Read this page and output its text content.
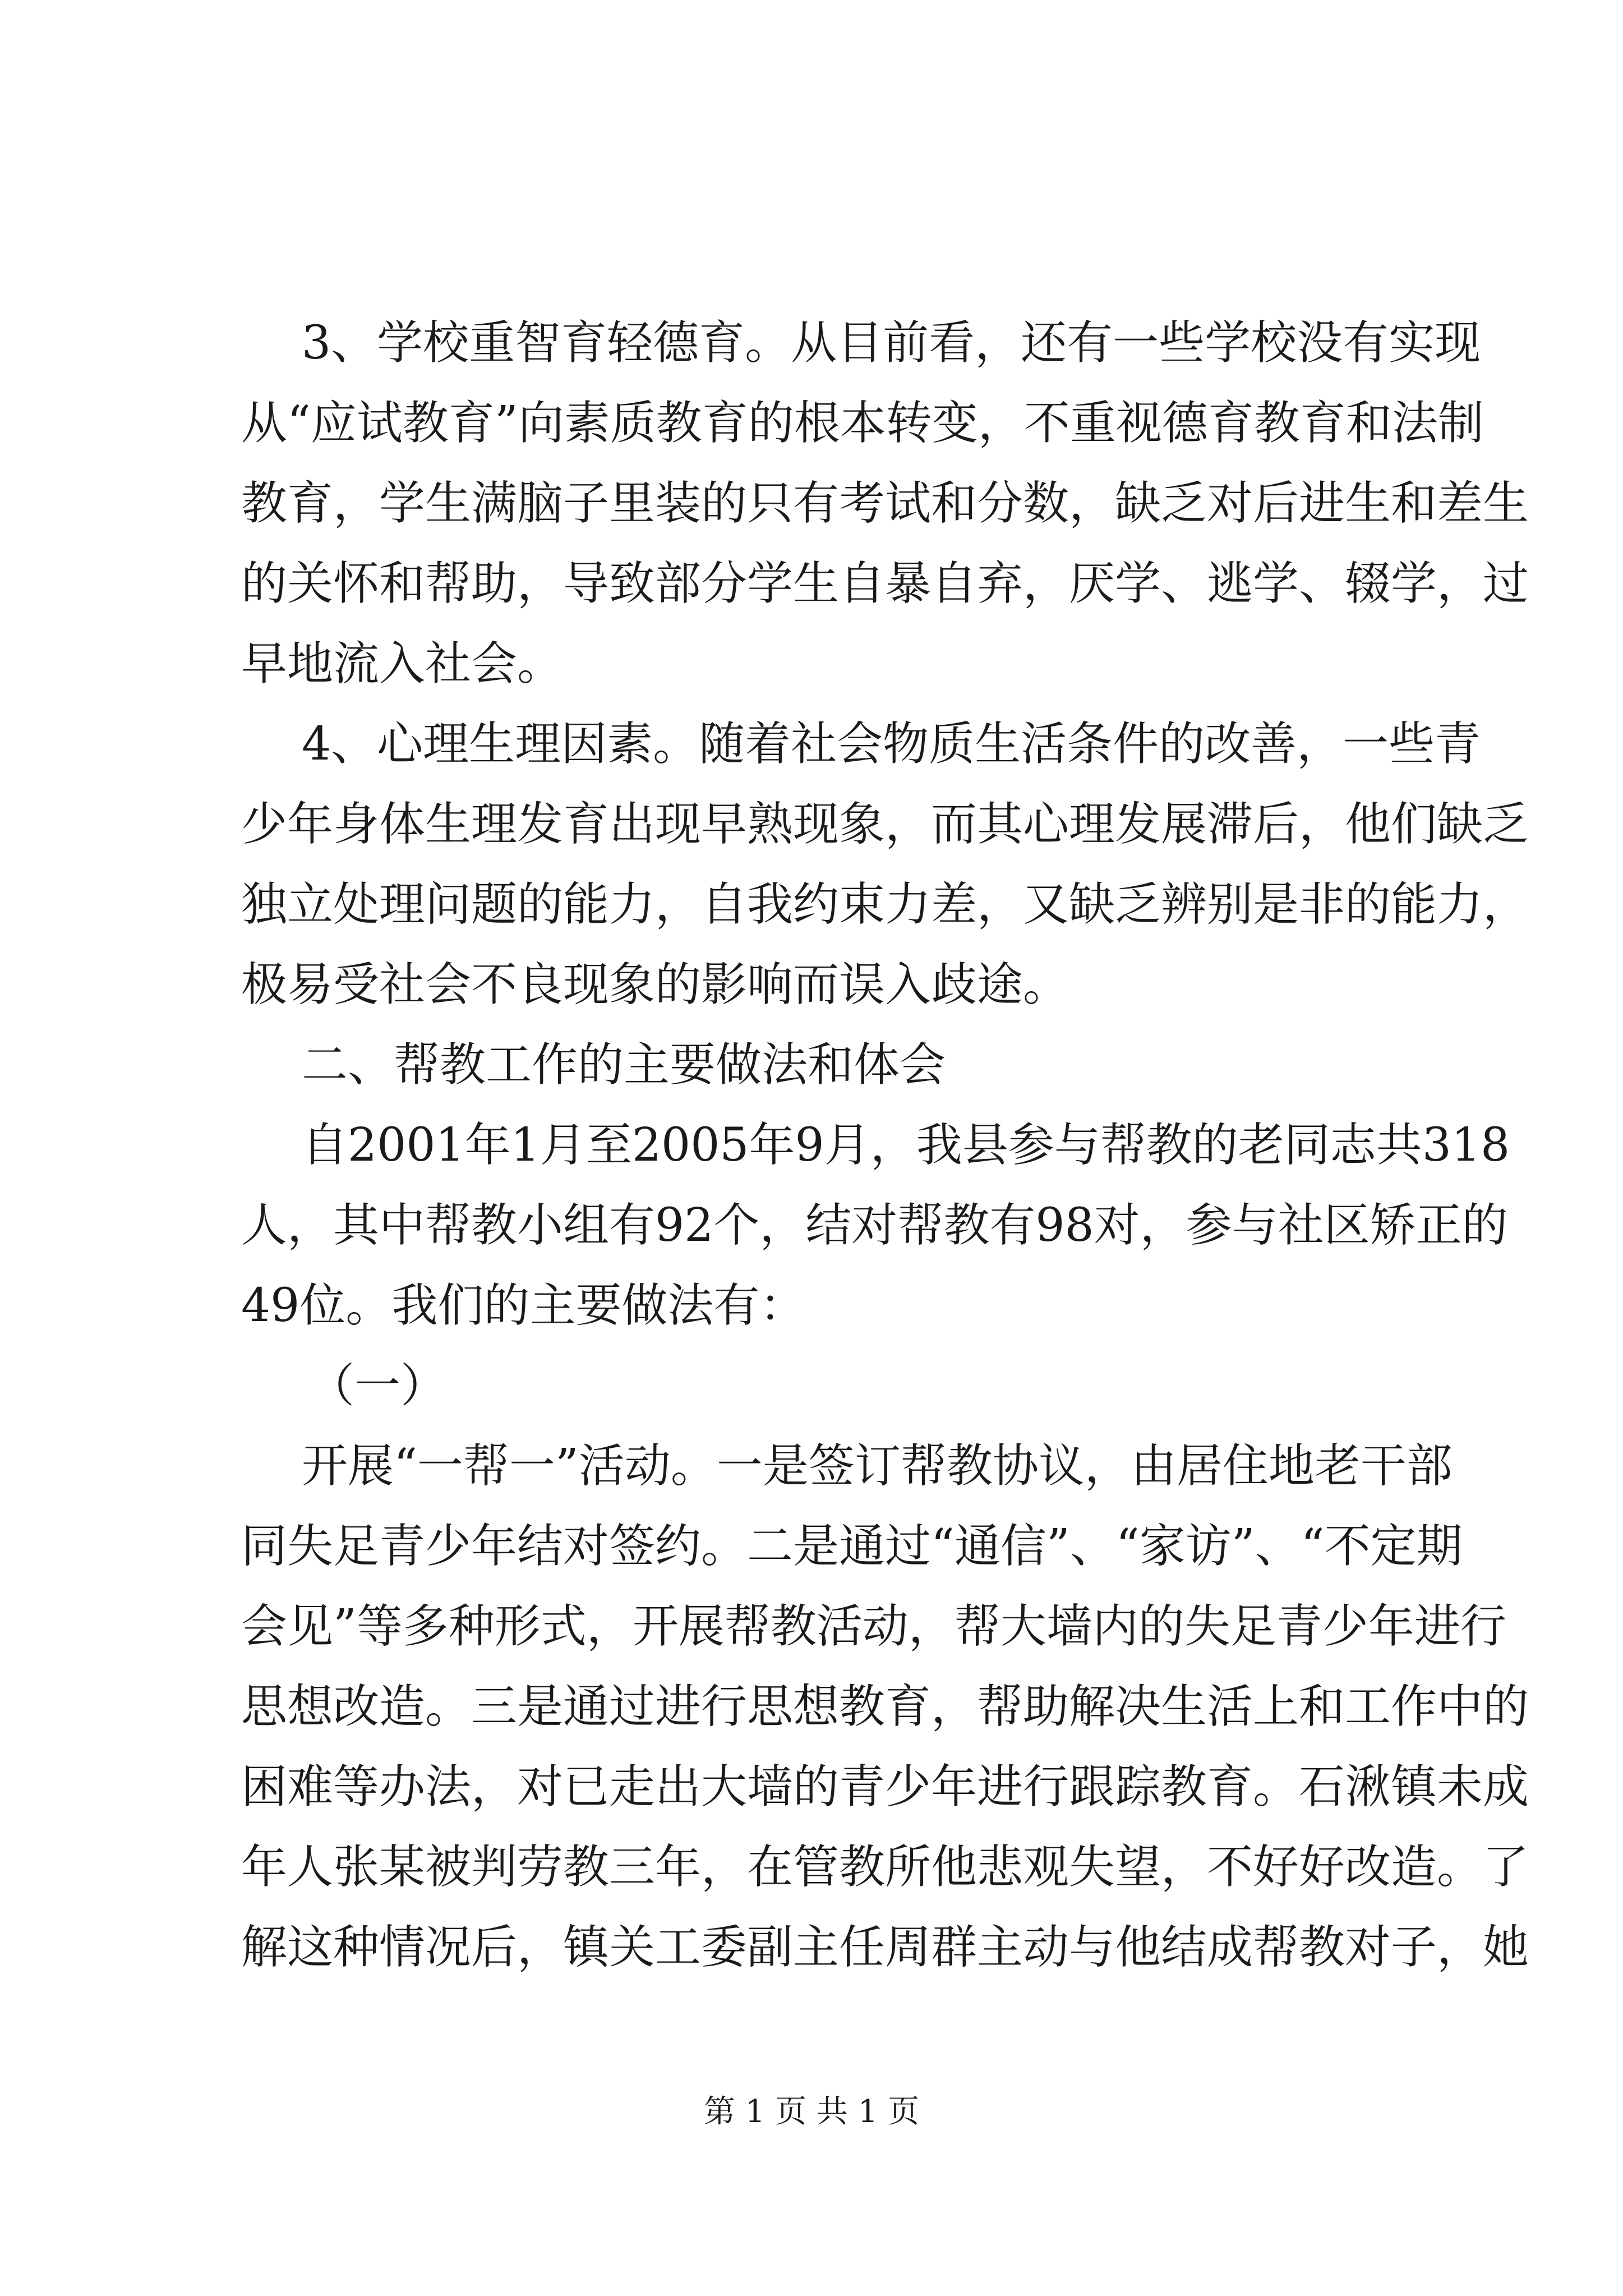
3、学校重智育轻德育。从目前看，还有一些学校没有实现
从“应试教育”向素质教育的根本转变，不重视德育教育和法制
教育，学生满脑子里装的只有考试和分数，缺乏对后进生和差生
的关怀和帮助，导致部分学生自暴自弃，厌学、逃学、辍学，过
早地流入社会。
4、心理生理因素。随着社会物质生活条件的改善，一些青
少年身体生理发育出现早熟现象，而其心理发展滞后，他们缺乏
独立处理问题的能力，自我约束力差，又缺乏辨别是非的能力，
极易受社会不良现象的影响而误入歧途。
二、帮教工作的主要做法和体会
自2001年1月至2005年9月，我县参与帮教的老同志共318
人，其中帮教小组有92个，结对帮教有98对，参与社区矫正的
49位。我们的主要做法有：
（一）
开展“一帮一”活动。一是签订帮教协议，由居住地老干部
同失足青少年结对签约。二是通过“通信”、“家访”、“不定期
会见”等多种形式，开展帮教活动，帮大墙内的失足青少年进行
思想改造。三是通过进行思想教育，帮助解决生活上和工作中的
困难等办法，对已走出大墙的青少年进行跟踪教育。石湫镇未成
年人张某被判劳教三年，在管教所他悲观失望，不好好改造。了
解这种情况后，镇关工委副主任周群主动与他结成帮教对子，她
第 1 页 共 1 页
